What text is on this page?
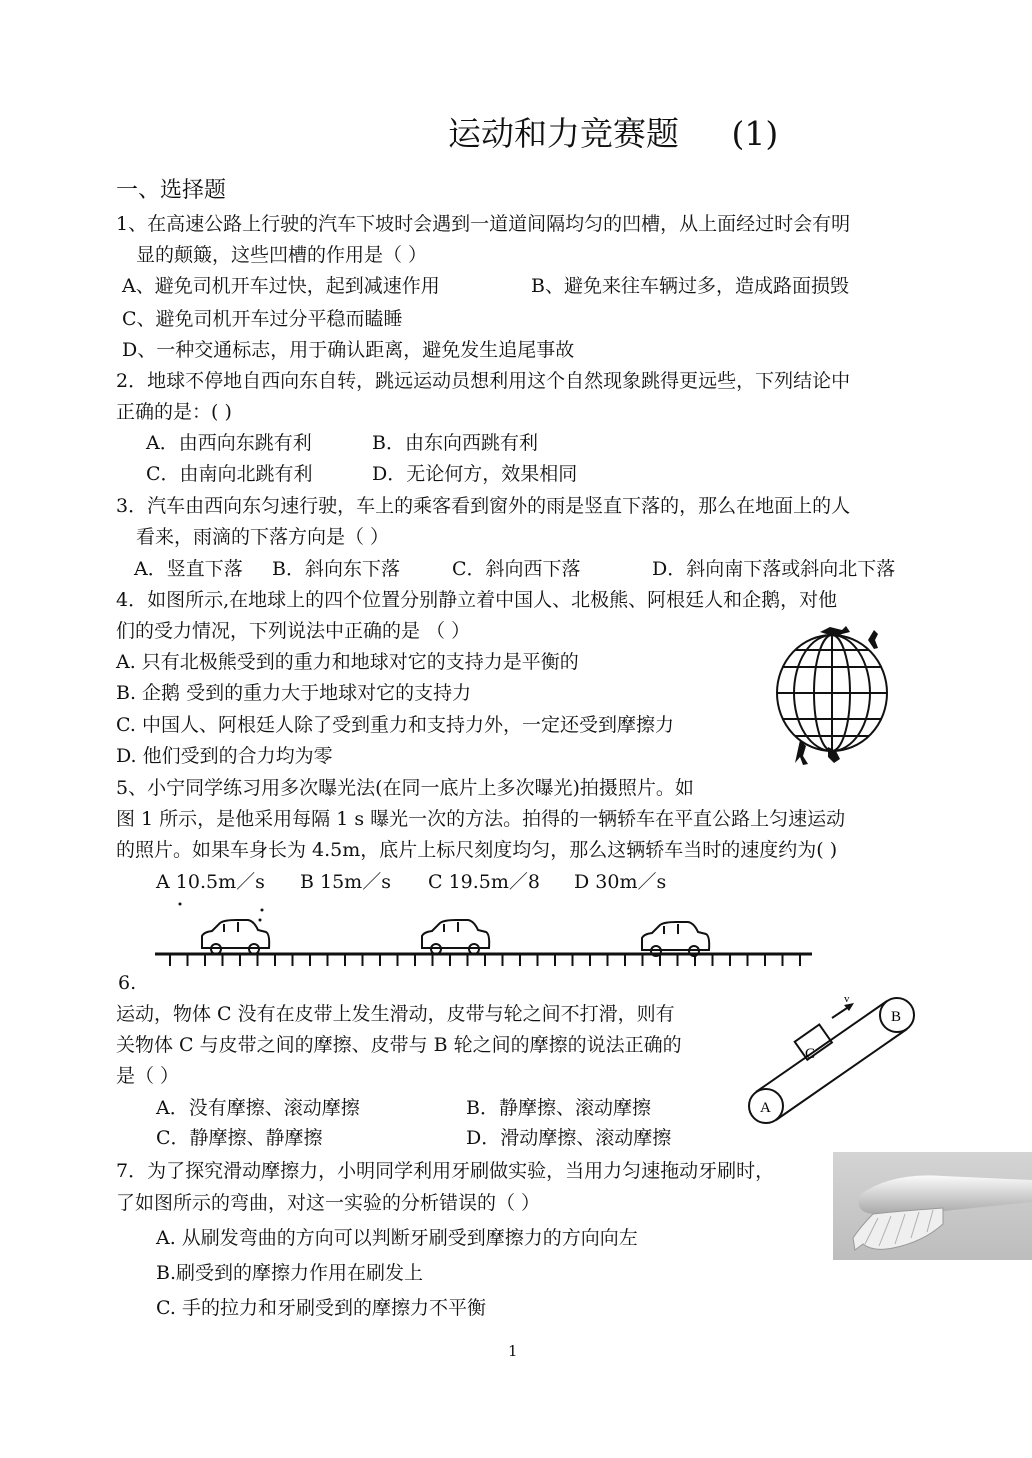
运动和力竞赛题     (1)
一、选择题
1、在高速公路上行驶的汽车下坡时会遇到一道道间隔均匀的凹槽，从上面经过时会有明
显的颠簸，这些凹槽的作用是（ ）
A、避免司机开车过快，起到减速作用	B、避免来往车辆过多，造成路面损毁
C、避免司机开车过分平稳而瞌睡
D、一种交通标志，用于确认距离，避免发生追尾事故
2．地球不停地自西向东自转，跳远运动员想利用这个自然现象跳得更远些，下列结论中
正确的是：( )
A．由西向东跳有利	B．由东向西跳有利
C．由南向北跳有利	D．无论何方，效果相同
3．汽车由西向东匀速行驶，车上的乘客看到窗外的雨是竖直下落的，那么在地面上的人
看来，雨滴的下落方向是（ ）
A．竖直下落 B．斜向东下落	C．斜向西下落	D．斜向南下落或斜向北下落
4．如图所示,在地球上的四个位置分别静立着中国人、北极熊、阿根廷人和企鹅，对他
们的受力情况，下列说法中正确的是 （ ）
A. 只有北极熊受到的重力和地球对它的支持力是平衡的
B. 企鹅 受到的重力大于地球对它的支持力
C. 中国人、阿根廷人除了受到重力和支持力外，一定还受到摩擦力
D. 他们受到的合力均为零
5、小宁同学练习用多次曝光法(在同一底片上多次曝光)拍摄照片。如
图 1 所示，是他采用每隔 1 s 曝光一次的方法。拍得的一辆轿车在平直公路上匀速运动
的照片。如果车身长为 4.5m，底片上标尺刻度均匀，那么这辆轿车当时的速度约为( )
A 10.5m／s B 15m／s C 19.5m／8 D 30m／s
6.
运动，物体 C 没有在皮带上发生滑动，皮带与轮之间不打滑，则有
关物体 C 与皮带之间的摩擦、皮带与 B 轮之间的摩擦的说法正确的
是（ ）
A．没有摩擦、滚动摩擦	B．静摩擦、滚动摩擦
C．静摩擦、静摩擦	D．滑动摩擦、滚动摩擦
v
A
B
C
7．为了探究滑动摩擦力，小明同学利用牙刷做实验，当用力匀速拖动牙刷时，
了如图所示的弯曲，对这一实验的分析错误的（ ）
A. 从刷发弯曲的方向可以判断牙刷受到摩擦力的方向向左
B.刷受到的摩擦力作用在刷发上
C. 手的拉力和牙刷受到的摩擦力不平衡
1
